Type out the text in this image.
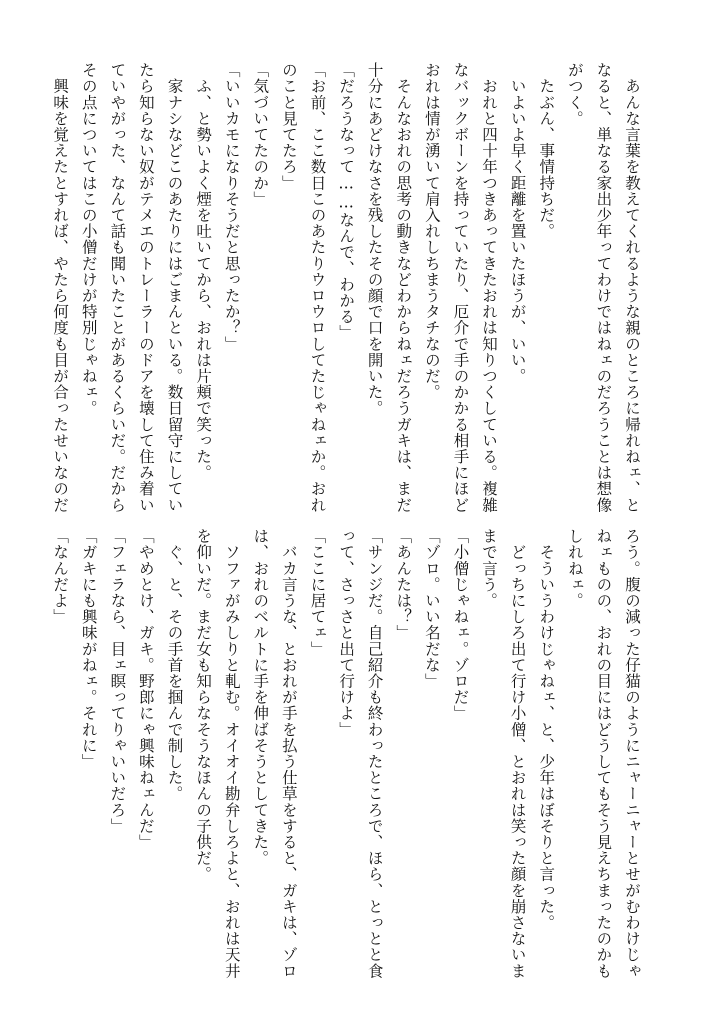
　あんな言葉を教えてくれるような親のところに帰れねェ、と
なると、単なる家出少年ってわけではねェのだろうことは想像
がつく。
　たぶん、事情持ちだ。
　いよいよ早く距離を置いたほうが、いい。
　おれと四十年つきあってきたおれは知りつくしている。複雑
なバックボーンを持っていたり、厄介で手のかかる相手にほど
おれは情が湧いて肩入れしちまうタチなのだ。
　そんなおれの思考の動きなどわからねェだろうガキは、まだ
十分にあどけなさを残したその顔で口を開いた。
「だろうなって……なんで、わかる」
「お前、ここ数日このあたりウロウロしてたじゃねェか。おれ
のこと見てたろ」
「気づいてたのか」
「いいカモになりそうだと思ったか？」
　ふ、と勢いよく煙を吐いてから、おれは片頬で笑った。
　家ナシなどこのあたりにはごまんといる。数日留守にしてい
たら知らない奴がテメエのトレーラーのドアを壊して住み着い
ていやがった、なんて話も聞いたことがあるくらいだ。だから
その点についてはこの小僧だけが特別じゃねェ。
　興味を覚えたとすれば、やたら何度も目が合ったせいなのだ
ろう。腹の減った仔猫のようにニャーニャーとせがむわけじゃ
ねェものの、おれの目にはどうしてもそう見えちまったのかも
しれねェ。
　そういうわけじゃねェ、と、少年はぼそりと言った。
　どっちにしろ出て行け小僧、とおれは笑った顔を崩さないま
まで言う。
「小僧じゃねェ。ゾロだ」
「ゾロ。いい名だな」
「あんたは？」
「サンジだ。自己紹介も終わったところで、ほら、とっとと食
って、さっさと出て行けよ」
「ここに居てェ」
　バカ言うな、とおれが手を払う仕草をすると、ガキは、ゾロ
は、おれのベルトに手を伸ばそうとしてきた。
　ソファがみしりと軋む。オイオイ勘弁しろよと、おれは天井
を仰いだ。まだ女も知らなそうなほんの子供だ。
　ぐ、と、その手首を掴んで制した。
「やめとけ、ガキ。野郎にゃ興味ねェんだ」
「フェラなら、目ェ瞑ってりゃいいだろ」
「ガキにも興味がねェ。それに」
「なんだよ」
